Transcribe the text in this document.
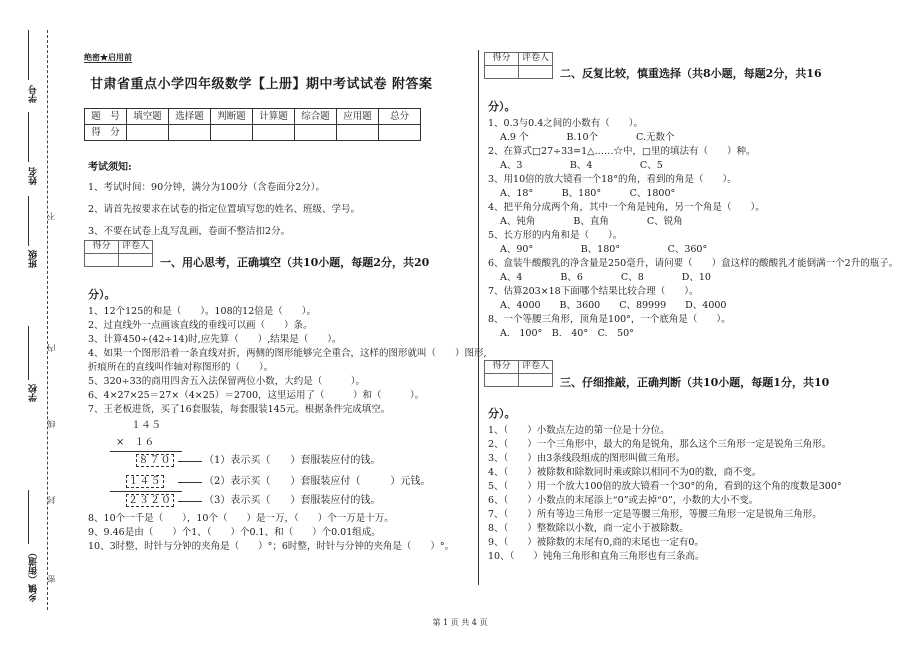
学号
姓名
班级
学校
乡镇（街道）
不
内
线
封
密
绝密★启用前
甘肃省重点小学四年级数学【上册】期中考试试卷 附答案
题　号	填空题	选择题	判断题	计算题	综合题	应用题	总分
得　分							
考试须知:
1、考试时间：90分钟，满分为100分（含卷面分2分）。
2、请首先按要求在试卷的指定位置填写您的姓名、班级、学号。
3、不要在试卷上乱写乱画，卷面不整洁扣2分。
得分	评卷人

一、用心思考，正确填空（共10小题，每题2分，共20
分）。
1、12个125的和是（　　）。108的12倍是（　　）。
2、过直线外一点画该直线的垂线可以画（　　）条。
3、计算450÷(42÷14)时,应先算（　　）,结果是（　　）。
4、如果一个图形沿着一条直线对折，两侧的图形能够完全重合，这样的图形就叫（　　）图形,
折痕所在的直线叫作轴对称图形的（　　）。
5、320÷33的商用四舍五入法保留两位小数，大约是（　　　）。
6、4×27×25＝27×（4×25）＝2700，这里运用了（　　　）和（　　　）。
7、王老板进货，买了16套服装，每套服装145元。根据条件完成填空。
１４５
×　１６
８７０	（1）表示买（　　）套服装应付的钱。
１４５	（2）表示买（　　）套服装应付（　　　）元钱。
２３２０	（3）表示买（　　）套服装应付的钱。
8、10个一千是（　　），10个（　　）是一万，（　　）个一万是十万。
9、9.46是由（　　）个1、（　　）个0.1、和（　　）个0.01组成。
10、3时整，时针与分钟的夹角是（　　）°；6时整，时针与分钟的夹角是（　　）°。
得分	评卷人

二、反复比较，慎重选择（共8小题，每题2分，共16
分）。
1、0.3与0.4之间的小数有（　　）。
A.9 个　　　　B.10个　　　　C.无数个
2、在算式□27÷33=1△……☆中，□里的填法有（　　）种。
A、3　　　　　B、4　　　　　C、5
3、用10倍的放大镜看一个18°的角，看到的角是（　　）。
A、18°　　　B、180°　　　C、1800°
4、把平角分成两个角，其中一个角是钝角，另一个角是（　　）。
A、钝角　　　　B、直角　　　　C、锐角
5、长方形的内角和是（　　）。
A、90°　　　　　B、180°　　　　　C、360°
6、盒装牛酸酸乳的净含量是250毫升，请问要（　　）盒这样的酸酸乳才能倒满一个2升的瓶子。
A、4　　　　B、6　　　　C、8　　　　D、10
7、估算203×18下面哪个结果比较合理（　　）。
A、4000　　B、3600　　C、89999　　D、4000
8、一个等腰三角形，顶角是100°，一个底角是（　　）。
A.　100°　B.　40°　C.　50°
得分	评卷人

三、仔细推敲，正确判断（共10小题，每题1分，共10
分）。
1、（　　）小数点左边的第一位是十分位。
2、（　　）一个三角形中，最大的角是锐角，那么这个三角形一定是锐角三角形。
3、（　　）由3条线段组成的图形叫做三角形。
4、（　　）被除数和除数同时乘或除以相同不为0的数，商不变。
5、（　　）用一个放大100倍的放大镜看一个30°的角，看到的这个角的度数是300°
6、（　　）小数点的末尾添上“0”或去掉“0”，小数的大小不变。
7、（　　）所有等边三角形一定是等腰三角形，等腰三角形一定是锐角三角形。
8、（　　）整数除以小数，商一定小于被除数。
9、（　　）被除数的末尾有0,商的末尾也一定有0。
10、（　　）钝角三角形和直角三角形也有三条高。
第 1 页 共 4 页
